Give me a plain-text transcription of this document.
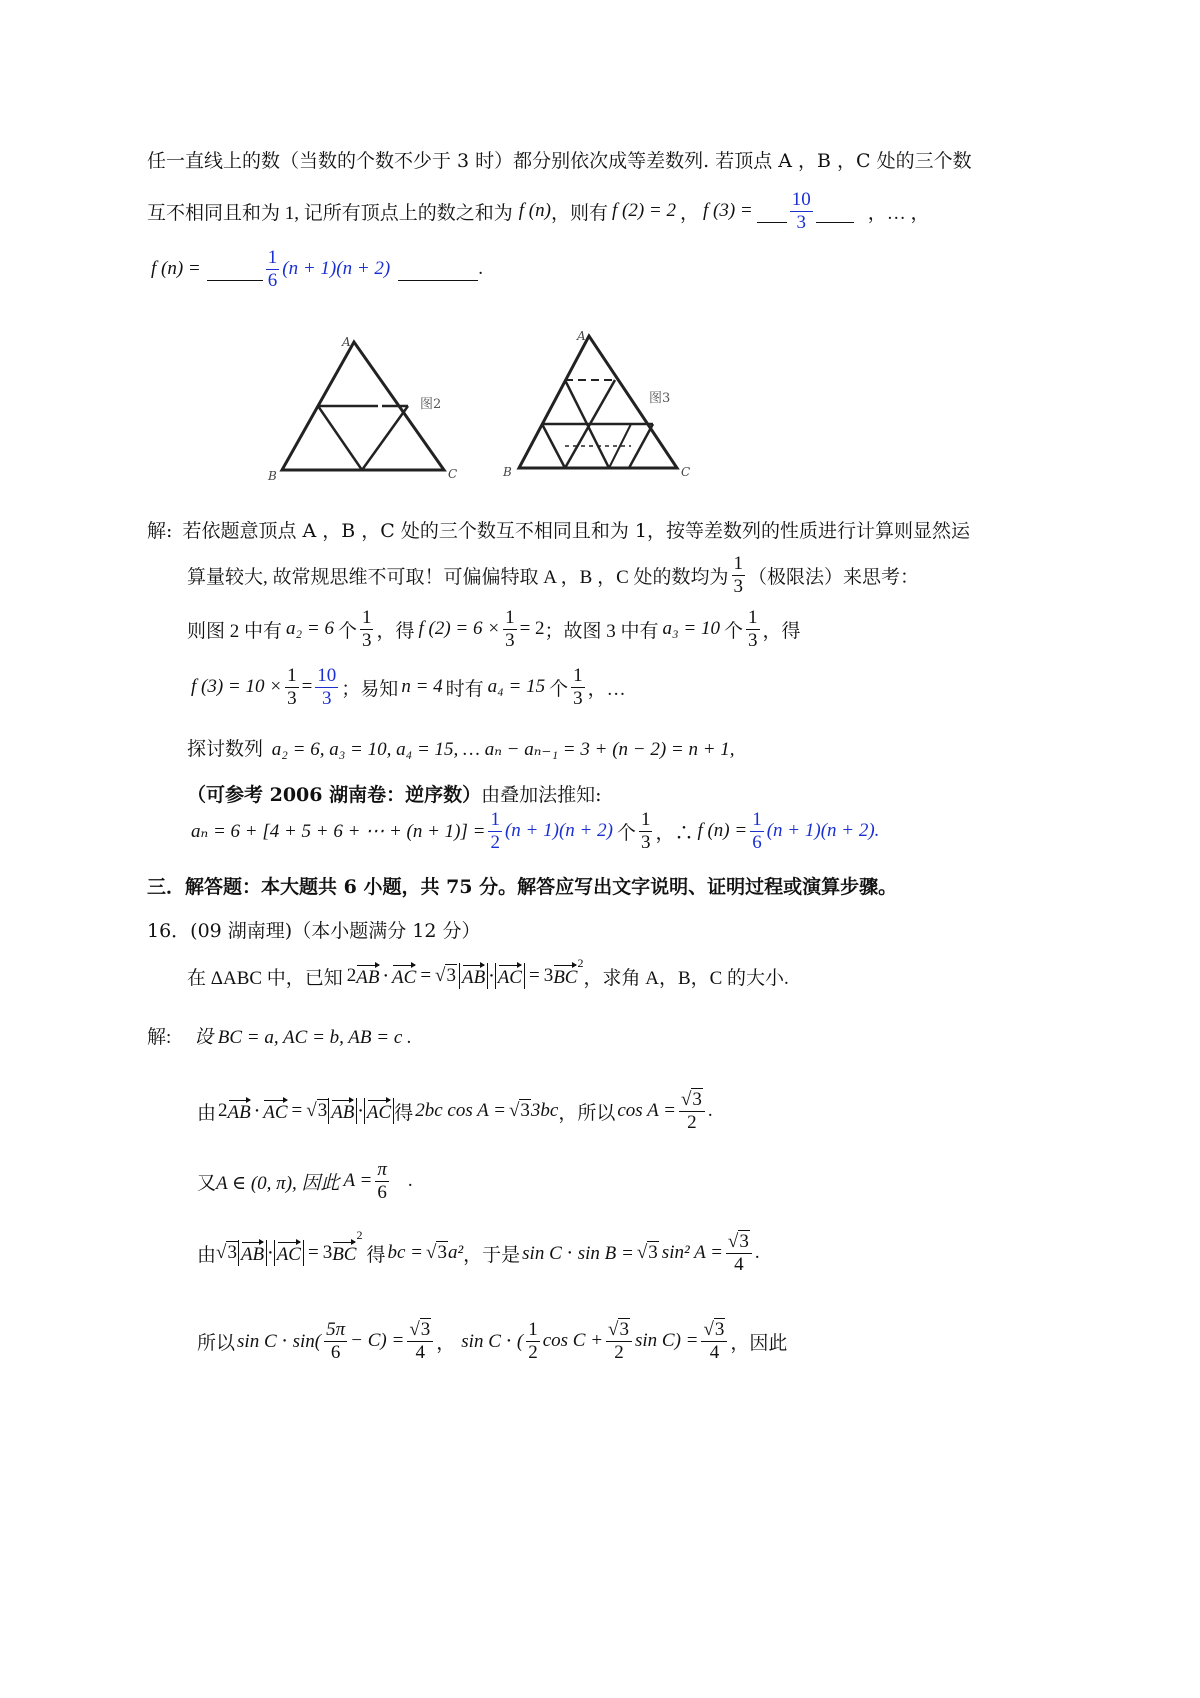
任一直线上的数（当数的个数不少于 3 时）都分别依次成等差数列. 若顶点 A ，B ，C 处的三个数
互不相同且和为 1, 记所有顶点上的数之和为 f (n) ，则有 f (2) = 2 ， f (3) =
$\frac{10}{3}$
	，… ，
f (n) =
	$\frac{1}{6} (n + 1)(n + 2)$
	.
A
B	C
图2
A
B	C
图3
解: 若依题意顶点 A ，B ，C 处的三个数互不相同且和为 1，按等差数列的性质进行计算则显然运
算量较大, 故常规思维不可取！可偏偏特取 A ，B ，C 处的数均为 $\frac{1}{3}$ （极限法）来思考：
则图 2 中有 a₂ = 6 个 $\frac{1}{3}$ ，得 f $(2) = 6 \times \frac{1}{3} = 2$ ；故图 3 中有 a₃ = 10 个 $\frac{1}{3}$ ，得
f $(3) = 10 \times \frac{1}{3} = \frac{10}{3}$ ；易知 n = 4 时有 a₄ = 15 个 $\frac{1}{3}$ ，…
探讨数列 a₂ = 6, a₃ = 10, a₄ = 15, … aₙ − aₙ₋₁ = 3 + (n − 2) = n + 1,
（可参考 2006 湖南卷：逆序数）由叠加法推知:
aₙ = 6 + [4 + 5 + 6 + ⋯ + $(n + 1)] = \frac{1}{2} (n + 1)(n + 2)$ 个 $\frac{1}{3}$ ，∴ f $(n) = \frac{1}{6} (n + 1)(n + 2)$.
三．解答题：本大题共 6 小题，共 75 分。解答应写出文字说明、证明过程或演算步骤。
16．(09 湖南理)（本小题满分 12 分）
在 ΔABC 中，已知 2 AB ⋅ AC = √3 AB ⋅ AC = 3 BC
$^2$
，求角 A，B，C 的大小.
解: 设 BC = a, AC = b, AB = c .
由 2 AB ⋅ AC = √3 AB ⋅ AC 得 2bc cos A = √3 3bc ，所以 $\cos A = \frac{√3}{2}$ .
又 A ∈ (0, π), 因此 $A = \frac{\pi}{6}$ .
由 √3 AB ⋅ AC = 3 BC
$^2$
得 bc = √3 a² ，于是 sin C ⋅ sin B = √3 sin² $A = \frac{√3}{4}$ .
所以 $\sin C \cdot \sin( \frac{5\pi}{6} - C) = \frac{√3}{4}$ ， sin C ⋅ ( $\frac{1}{2}$ $\cos C + \frac{√3}{2}$ $\sin C) = \frac{√3}{4}$ ，因此
